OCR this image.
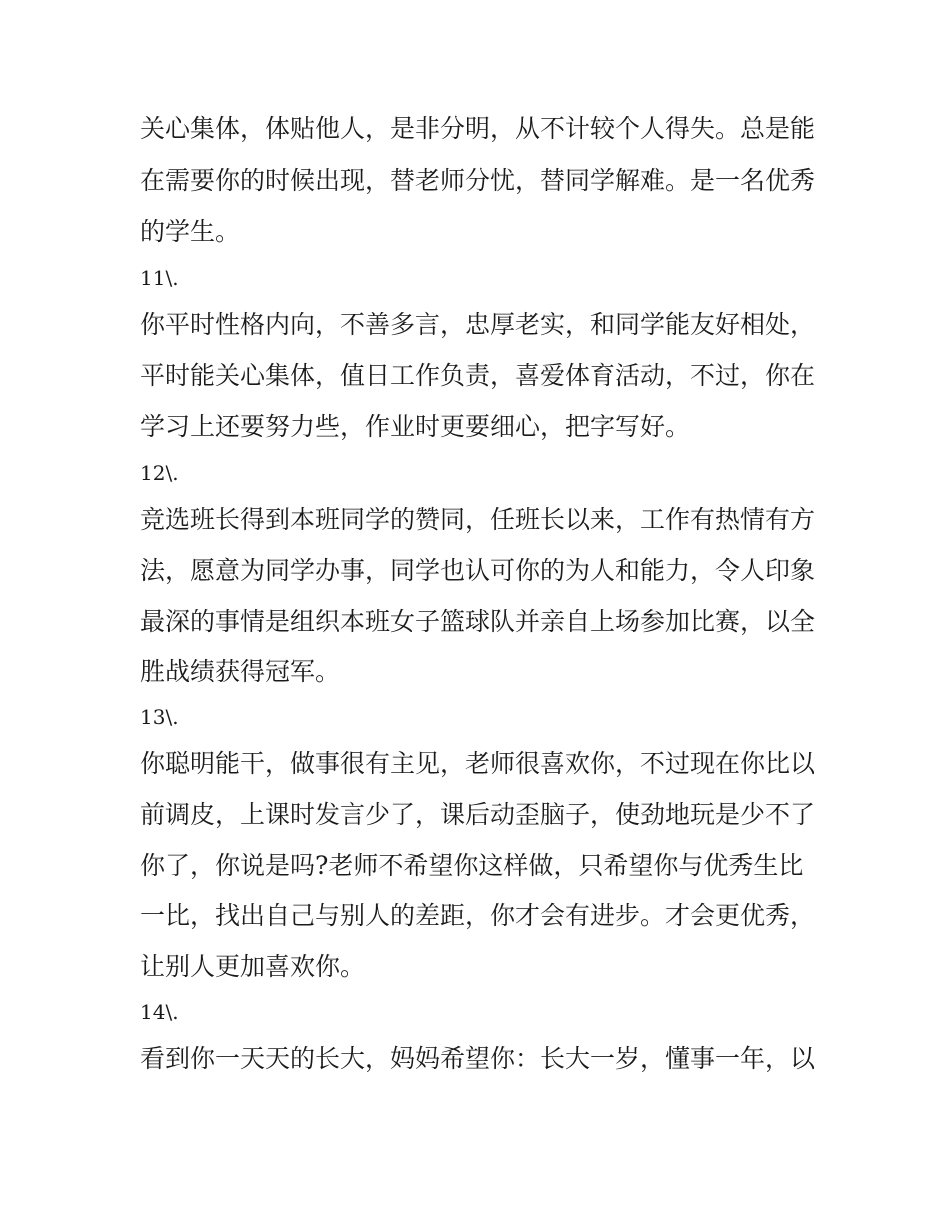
关心集体，体贴他人，是非分明，从不计较个人得失。总是能
在需要你的时候出现，替老师分忧，替同学解难。是一名优秀
的学生。
11\.
你平时性格内向，不善多言，忠厚老实，和同学能友好相处，
平时能关心集体，值日工作负责，喜爱体育活动，不过，你在
学习上还要努力些，作业时更要细心，把字写好。
12\.
竞选班长得到本班同学的赞同，任班长以来，工作有热情有方
法，愿意为同学办事，同学也认可你的为人和能力，令人印象
最深的事情是组织本班女子篮球队并亲自上场参加比赛，以全
胜战绩获得冠军。
13\.
你聪明能干，做事很有主见，老师很喜欢你，不过现在你比以
前调皮，上课时发言少了，课后动歪脑子，使劲地玩是少不了
你了，你说是吗?老师不希望你这样做，只希望你与优秀生比
一比，找出自己与别人的差距，你才会有进步。才会更优秀，
让别人更加喜欢你。
14\.
看到你一天天的长大，妈妈希望你：长大一岁，懂事一年，以
